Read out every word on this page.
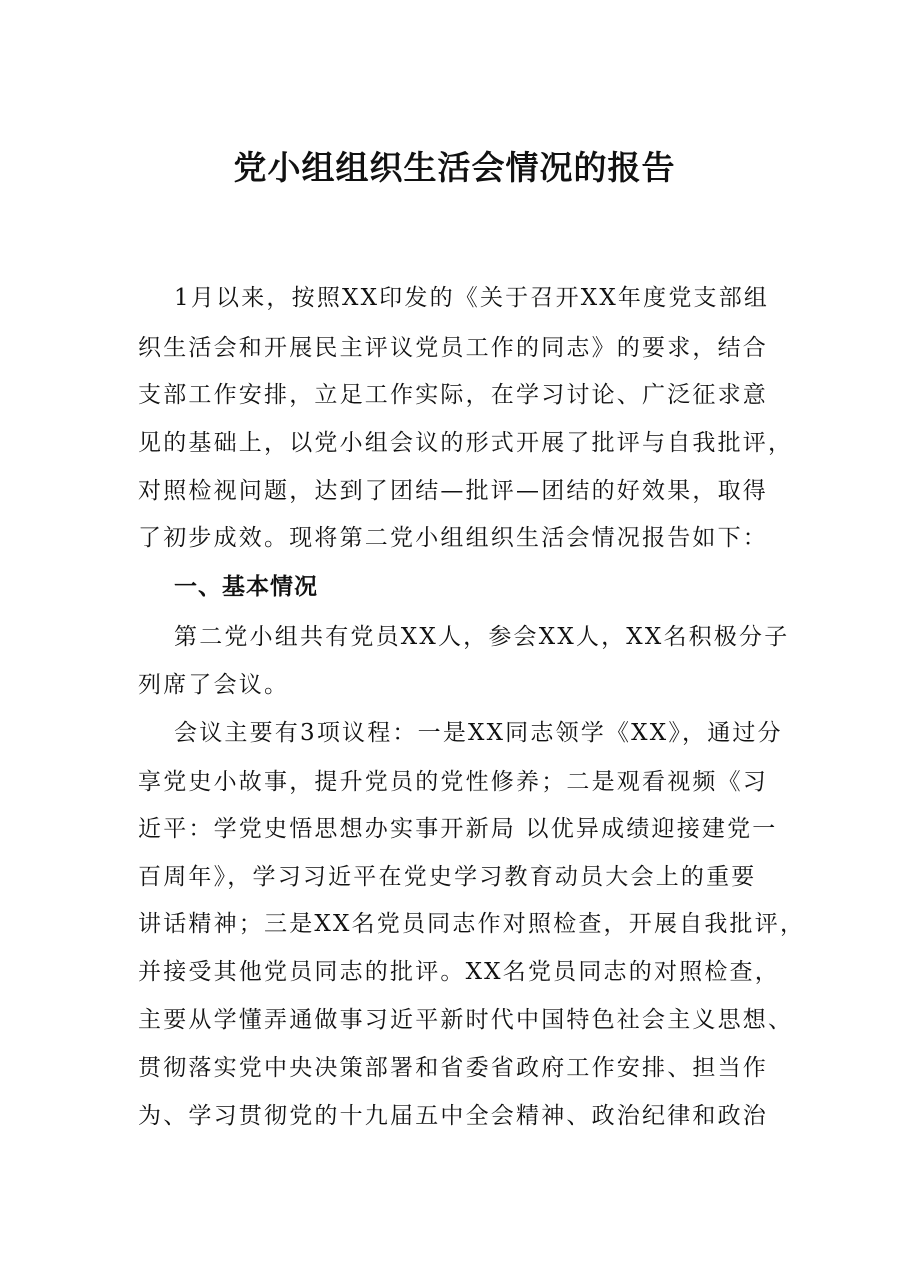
党小组组织生活会情况的报告
1月以来，按照XX印发的《关于召开XX年度党支部组
织生活会和开展民主评议党员工作的同志》的要求，结合
支部工作安排，立足工作实际，在学习讨论、广泛征求意
见的基础上，以党小组会议的形式开展了批评与自我批评，
对照检视问题，达到了团结—批评—团结的好效果，取得
了初步成效。现将第二党小组组织生活会情况报告如下：
一、基本情况
第二党小组共有党员XX人，参会XX人，XX名积极分子
列席了会议。
会议主要有3项议程：一是XX同志领学《XX》，通过分
享党史小故事，提升党员的党性修养；二是观看视频《习
近平：学党史悟思想办实事开新局 以优异成绩迎接建党一
百周年》，学习习近平在党史学习教育动员大会上的重要
讲话精神；三是XX名党员同志作对照检查，开展自我批评，
并接受其他党员同志的批评。XX名党员同志的对照检查，
主要从学懂弄通做事习近平新时代中国特色社会主义思想、
贯彻落实党中央决策部署和省委省政府工作安排、担当作
为、学习贯彻党的十九届五中全会精神、政治纪律和政治
